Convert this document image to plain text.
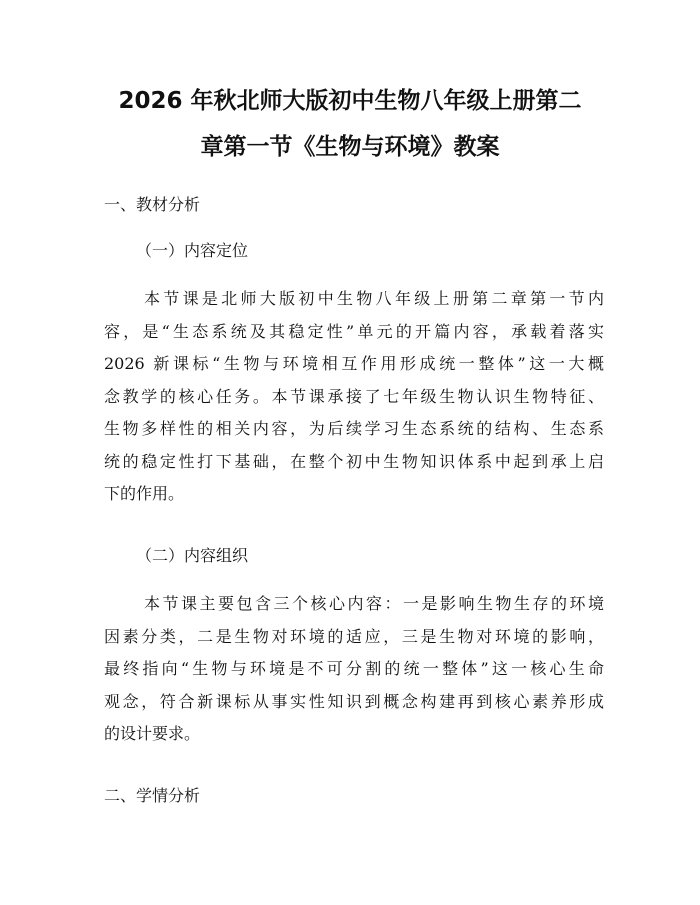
2026 年秋北师大版初中生物八年级上册第二
章第一节《生物与环境》教案

一、教材分析

（一）内容定位

本节课是北师大版初中生物八年级上册第二章第一节内
容，是“生态系统及其稳定性”单元的开篇内容，承载着落实
2026 新课标“生物与环境相互作用形成统一整体”这一大概
念教学的核心任务。本节课承接了七年级生物认识生物特征、
生物多样性的相关内容，为后续学习生态系统的结构、生态系
统的稳定性打下基础，在整个初中生物知识体系中起到承上启
下的作用。

（二）内容组织

本节课主要包含三个核心内容：一是影响生物生存的环境
因素分类，二是生物对环境的适应，三是生物对环境的影响，
最终指向“生物与环境是不可分割的统一整体”这一核心生命
观念，符合新课标从事实性知识到概念构建再到核心素养形成
的设计要求。

二、学情分析
